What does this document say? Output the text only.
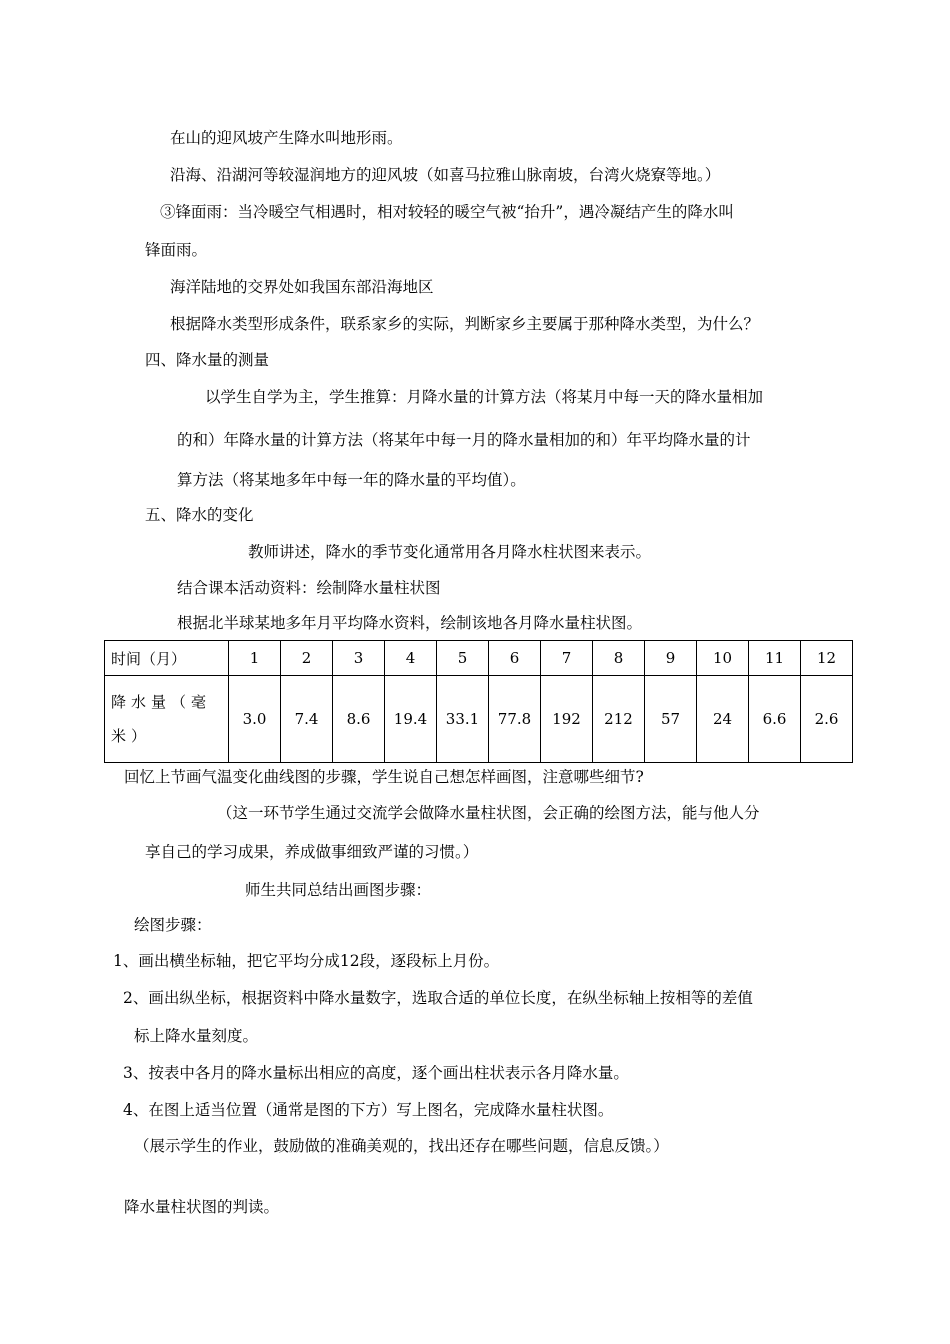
在山的迎风坡产生降水叫地形雨。
沿海、沿湖河等较湿润地方的迎风坡（如喜马拉雅山脉南坡，台湾火烧寮等地。）
③锋面雨：当冷暖空气相遇时，相对较轻的暖空气被“抬升”，遇冷凝结产生的降水叫
锋面雨。
海洋陆地的交界处如我国东部沿海地区
根据降水类型形成条件，联系家乡的实际，判断家乡主要属于那种降水类型，为什么？
四、降水量的测量
以学生自学为主，学生推算：月降水量的计算方法（将某月中每一天的降水量相加
的和）年降水量的计算方法（将某年中每一月的降水量相加的和）年平均降水量的计
算方法（将某地多年中每一年的降水量的平均值）。
五、降水的变化
教师讲述，降水的季节变化通常用各月降水柱状图来表示。
结合课本活动资料：绘制降水量柱状图
根据北半球某地多年月平均降水资料，绘制该地各月降水量柱状图。
时间（月）	1	2	3	4	5	6	7	8	9	10	11	12
降水量（毫米）	3.0	7.4	8.6	19.4	33.1	77.8	192	212	57	24	6.6	2.6
回忆上节画气温变化曲线图的步骤，学生说自己想怎样画图，注意哪些细节?
（这一环节学生通过交流学会做降水量柱状图，会正确的绘图方法，能与他人分
享自己的学习成果，养成做事细致严谨的习惯。）
师生共同总结出画图步骤：
绘图步骤：
1、画出横坐标轴，把它平均分成12段，逐段标上月份。
2、画出纵坐标，根据资料中降水量数字，选取合适的单位长度，在纵坐标轴上按相等的差值
标上降水量刻度。
3、按表中各月的降水量标出相应的高度，逐个画出柱状表示各月降水量。
4、在图上适当位置（通常是图的下方）写上图名，完成降水量柱状图。
（展示学生的作业，鼓励做的准确美观的，找出还存在哪些问题，信息反馈。）
降水量柱状图的判读。
